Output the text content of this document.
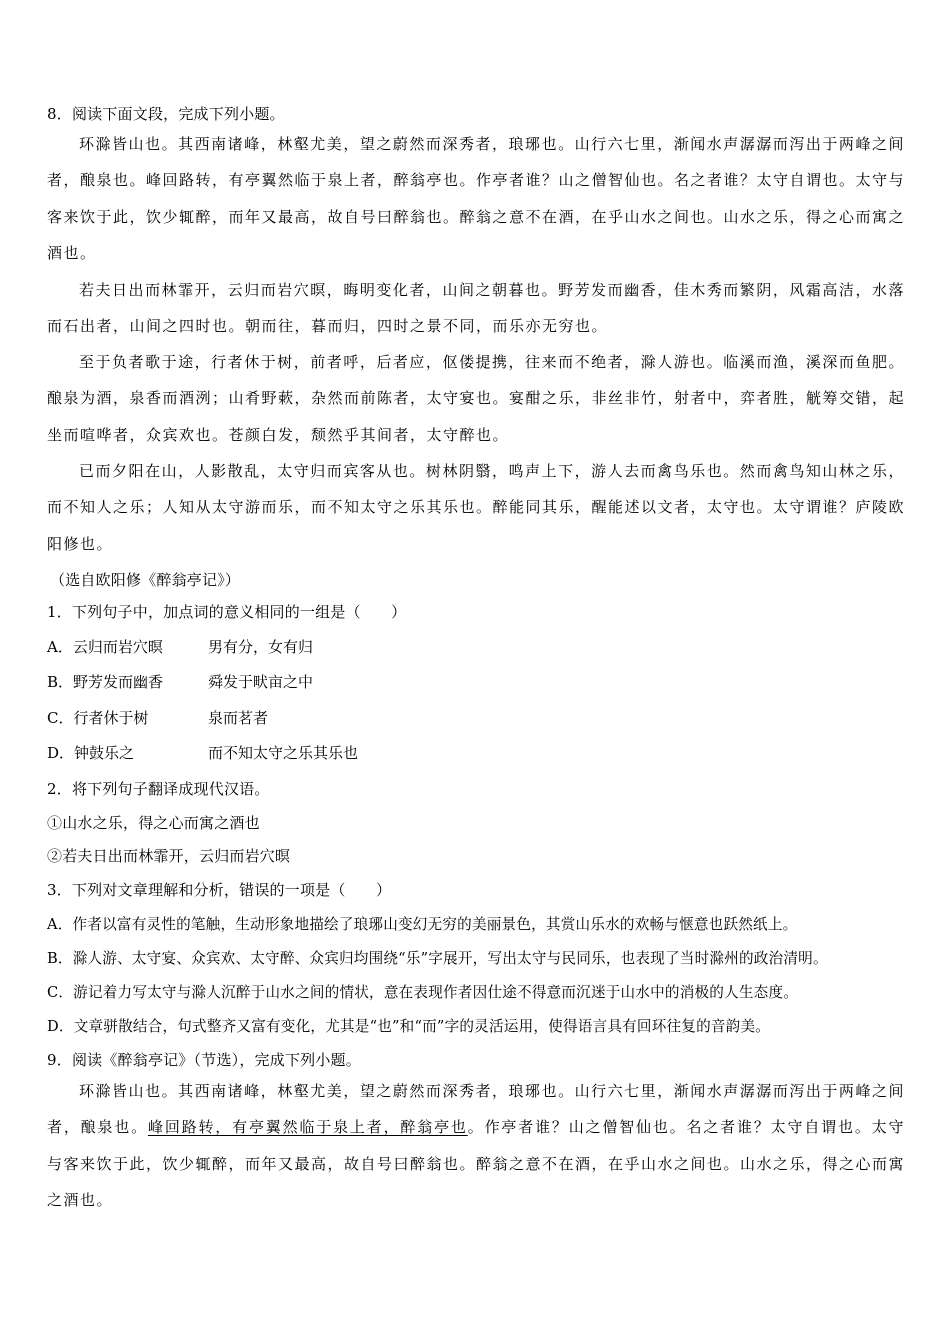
8．阅读下面文段，完成下列小题。
环滁皆山也。其西南诸峰，林壑尤美，望之蔚然而深秀者，琅琊也。山行六七里，渐闻水声潺潺而泻出于两峰之间者，酿泉也。峰回路转，有亭翼然临于泉上者，醉翁亭也。作亭者谁？山之僧智仙也。名之者谁？太守自谓也。太守与客来饮于此，饮少辄醉，而年又最高，故自号曰醉翁也。醉翁之意不在酒，在乎山水之间也。山水之乐，得之心而寓之酒也。
若夫日出而林霏开，云归而岩穴暝，晦明变化者，山间之朝暮也。野芳发而幽香，佳木秀而繁阴，风霜高洁，水落而石出者，山间之四时也。朝而往，暮而归，四时之景不同，而乐亦无穷也。
至于负者歌于途，行者休于树，前者呼，后者应，伛偻提携，往来而不绝者，滁人游也。临溪而渔，溪深而鱼肥。酿泉为酒，泉香而酒洌；山肴野蔌，杂然而前陈者，太守宴也。宴酣之乐，非丝非竹，射者中，弈者胜，觥筹交错，起坐而喧哗者，众宾欢也。苍颜白发，颓然乎其间者，太守醉也。
已而夕阳在山，人影散乱，太守归而宾客从也。树林阴翳，鸣声上下，游人去而禽鸟乐也。然而禽鸟知山林之乐，而不知人之乐；人知从太守游而乐，而不知太守之乐其乐也。醉能同其乐，醒能述以文者，太守也。太守谓谁？庐陵欧阳修也。
（选自欧阳修《醉翁亭记》）
1．下列句子中，加点词的意义相同的一组是（　　）
A．云归而岩穴暝	男有分，女有归
B．野芳发而幽香	舜发于畎亩之中
C．行者休于树	泉而茗者
D．钟鼓乐之	而不知太守之乐其乐也
2．将下列句子翻译成现代汉语。
①山水之乐，得之心而寓之酒也
②若夫日出而林霏开，云归而岩穴暝
3．下列对文章理解和分析，错误的一项是（　　）
A．作者以富有灵性的笔触，生动形象地描绘了琅琊山变幻无穷的美丽景色，其赏山乐水的欢畅与惬意也跃然纸上。
B．滁人游、太守宴、众宾欢、太守醉、众宾归均围绕“乐”字展开，写出太守与民同乐，也表现了当时滁州的政治清明。
C．游记着力写太守与滁人沉醉于山水之间的情状，意在表现作者因仕途不得意而沉迷于山水中的消极的人生态度。
D．文章骈散结合，句式整齐又富有变化，尤其是“也”和“而”字的灵活运用，使得语言具有回环往复的音韵美。
9．阅读《醉翁亭记》（节选），完成下列小题。
环滁皆山也。其西南诸峰，林壑尤美，望之蔚然而深秀者，琅琊也。山行六七里，渐闻水声潺潺而泻出于两峰之间者，酿泉也。峰回路转，有亭翼然临于泉上者，醉翁亭也。作亭者谁？山之僧智仙也。名之者谁？太守自谓也。太守与客来饮于此，饮少辄醉，而年又最高，故自号曰醉翁也。醉翁之意不在酒，在乎山水之间也。山水之乐，得之心而寓之酒也。
